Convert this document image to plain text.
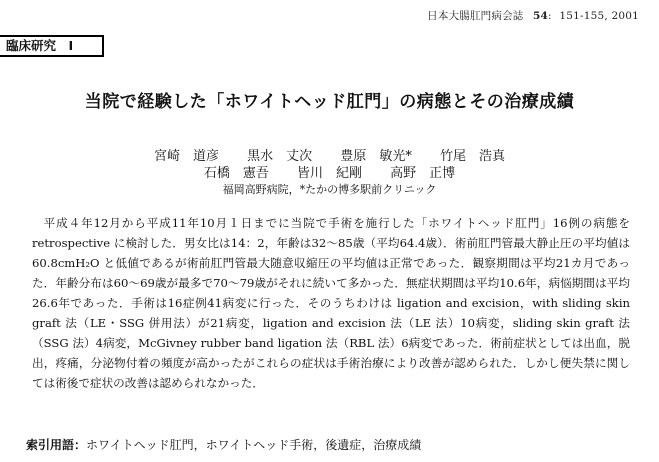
日本大腸肛門病会誌 54: 151-155, 2001
臨床研究　Ⅰ
当院で経験した「ホワイトヘッド肛門」の病態とその治療成績
宮崎　道彦 黒水　丈次 豊原　敏光* 竹尾　浩真
石橋　憲吾 皆川　紀剛 高野　正博
福岡高野病院，*たかの博多駅前クリニック

平成４年12月から平成11年10月１日までに当院で手術を施行した「ホワイトヘッド肛門」16例の病態を retrospective に検討した．男女比は14：2，年齢は32〜85歳（平均64.4歳）．術前肛門管最大静止圧の平均値は60.8cmH₂O と低値であるが術前肛門管最大随意収縮圧の平均値は正常であった．観察期間は平均21カ月であった．年齢分布は60〜69歳が最多で70〜79歳がそれに続いて多かった．無症状期間は平均10.6年，病悩期間は平均26.6年であった．手術は16症例41病変に行った．そのうちわけは ligation and excision，with sliding skin graft 法（LE・SSG 併用法）が21病変，ligation and excision 法（LE 法）10病変，sliding skin graft 法（SSG 法）4病変，McGivney rubber band ligation 法（RBL 法）6病変であった．術前症状としては出血，脱出，疼痛，分泌物付着の頻度が高かったがこれらの症状は手術治療により改善が認められた．しかし便失禁に関しては術後で症状の改善は認められなかった．

索引用語：ホワイトヘッド肛門，ホワイトヘッド手術，後遺症，治療成績
